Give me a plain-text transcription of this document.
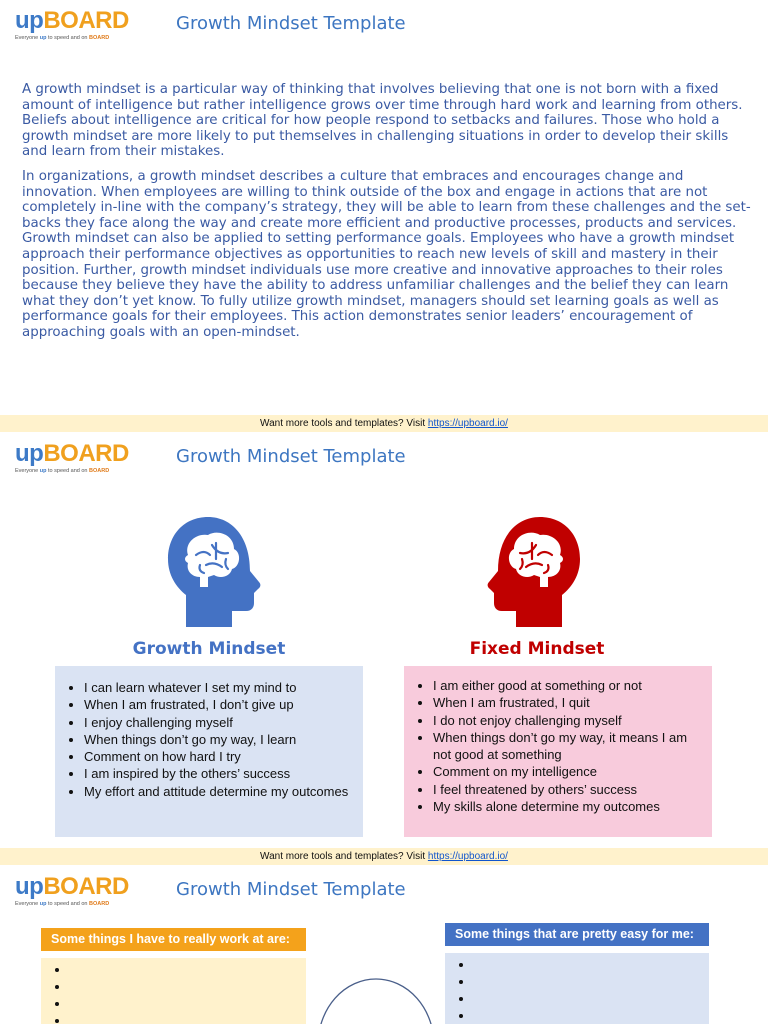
upBOARD
Everyone up to speed and on BOARD
Growth Mindset Template

A growth mindset is a particular way of thinking that involves believing that one is not born with a fixed amount of intelligence but rather intelligence grows over time through hard work and learning from others. Beliefs about intelligence are critical for how people respond to setbacks and failures. Those who hold a growth mindset are more likely to put themselves in challenging situations in order to develop their skills and learn from their mistakes.

In organizations, a growth mindset describes a culture that embraces and encourages change and innovation. When employees are willing to think outside of the box and engage in actions that are not completely in-line with the company’s strategy, they will be able to learn from these challenges and the set-backs they face along the way and create more efficient and productive processes, products and services. Growth mindset can also be applied to setting performance goals. Employees who have a growth mindset approach their performance objectives as opportunities to reach new levels of skill and mastery in their position. Further, growth mindset individuals use more creative and innovative approaches to their roles because they believe they have the ability to address unfamiliar challenges and the belief they can learn what they don’t yet know. To fully utilize growth mindset, managers should set learning goals as well as performance goals for their employees. This action demonstrates senior leaders’ encouragement of approaching goals with an open-mindset.

Want more tools and templates? Visit https://upboard.io/
upBOARD
Everyone up to speed and on BOARD
Growth Mindset Template
Growth Mindset	Fixed Mindset
• I can learn whatever I set my mind to
• When I am frustrated, I don’t give up
• I enjoy challenging myself
• When things don’t go my way, I learn
• Comment on how hard I try
• I am inspired by the others’ success
• My effort and attitude determine my outcomes
• I am either good at something or not
• When I am frustrated, I quit
• I do not enjoy challenging myself
• When things don’t go my way, it means I am not good at something
• Comment on my intelligence
• I feel threatened by others’ success
• My skills alone determine my outcomes
Want more tools and templates? Visit https://upboard.io/
upBOARD
Everyone up to speed and on BOARD
Growth Mindset Template
Some things I have to really work at are:
•
•
•
•	Some things that are pretty easy for me:
•
•
•
•
